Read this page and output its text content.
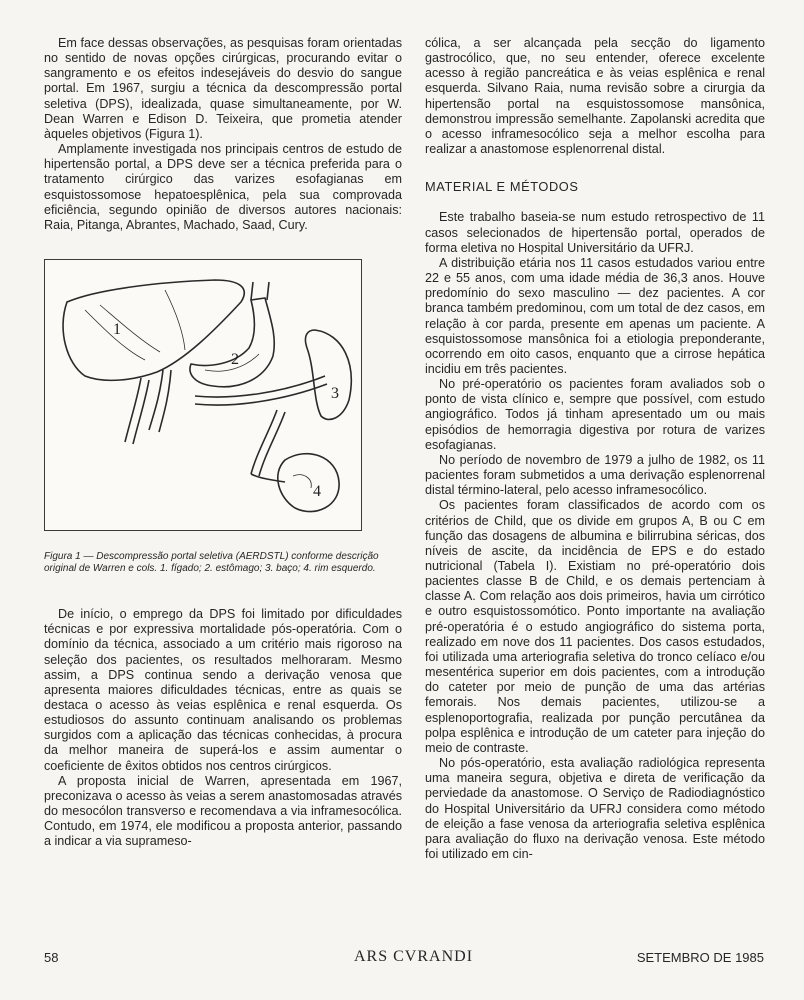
Em face dessas observações, as pesquisas foram orientadas no sentido de novas opções cirúrgicas, procurando evitar o sangramento e os efeitos indesejáveis do desvio do sangue portal. Em 1967, surgiu a técnica da descompressão portal seletiva (DPS), idealizada, quase simultaneamente, por W. Dean Warren e Edison D. Teixeira, que prometia atender àqueles objetivos (Figura 1).

Amplamente investigada nos principais centros de estudo de hipertensão portal, a DPS deve ser a técnica preferida para o tratamento cirúrgico das varizes esofagianas em esquistossomose hepatoesplênica, pela sua comprovada eficiência, segundo opinião de diversos autores nacionais: Raia, Pitanga, Abrantes, Machado, Saad, Cury.

1
2
3
4

Figura 1 — Descompressão portal seletiva (AERDSTL) conforme descrição original de Warren e cols. 1. fígado; 2. estômago; 3. baço; 4. rim esquerdo.

De início, o emprego da DPS foi limitado por dificuldades técnicas e por expressiva mortalidade pós-operatória. Com o domínio da técnica, associado a um critério mais rigoroso na seleção dos pacientes, os resultados melhoraram. Mesmo assim, a DPS continua sendo a derivação venosa que apresenta maiores dificuldades técnicas, entre as quais se destaca o acesso às veias esplênica e renal esquerda. Os estudiosos do assunto continuam analisando os problemas surgidos com a aplicação das técnicas conhecidas, à procura da melhor maneira de superá-los e assim aumentar o coeficiente de êxitos obtidos nos centros cirúrgicos.

A proposta inicial de Warren, apresentada em 1967, preconizava o acesso às veias a serem anastomosadas através do mesocólon transverso e recomendava a via inframesocólica. Contudo, em 1974, ele modificou a proposta anterior, passando a indicar a via suprameso-

cólica, a ser alcançada pela secção do ligamento gastrocólico, que, no seu entender, oferece excelente acesso à região pancreática e às veias esplênica e renal esquerda. Silvano Raia, numa revisão sobre a cirurgia da hipertensão portal na esquistossomose mansônica, demonstrou impressão semelhante. Zapolanski acredita que o acesso inframesocólico seja a melhor escolha para realizar a anastomose esplenorrenal distal.

MATERIAL E MÉTODOS

Este trabalho baseia-se num estudo retrospectivo de 11 casos selecionados de hipertensão portal, operados de forma eletiva no Hospital Universitário da UFRJ.

A distribuição etária nos 11 casos estudados variou entre 22 e 55 anos, com uma idade média de 36,3 anos. Houve predomínio do sexo masculino — dez pacientes. A cor branca também predominou, com um total de dez casos, em relação à cor parda, presente em apenas um paciente. A esquistossomose mansônica foi a etiologia preponderante, ocorrendo em oito casos, enquanto que a cirrose hepática incidiu em três pacientes.

No pré-operatório os pacientes foram avaliados sob o ponto de vista clínico e, sempre que possível, com estudo angiográfico. Todos já tinham apresentado um ou mais episódios de hemorragia digestiva por rotura de varizes esofagianas.

No período de novembro de 1979 a julho de 1982, os 11 pacientes foram submetidos a uma derivação esplenorrenal distal término-lateral, pelo acesso inframesocólico.

Os pacientes foram classificados de acordo com os critérios de Child, que os divide em grupos A, B ou C em função das dosagens de albumina e bilirrubina séricas, dos níveis de ascite, da incidência de EPS e do estado nutricional (Tabela I). Existiam no pré-operatório dois pacientes classe B de Child, e os demais pertenciam à classe A. Com relação aos dois primeiros, havia um cirrótico e outro esquistossomótico. Ponto importante na avaliação pré-operatória é o estudo angiográfico do sistema porta, realizado em nove dos 11 pacientes. Dos casos estudados, foi utilizada uma arteriografia seletiva do tronco celíaco e/ou mesentérica superior em dois pacientes, com a introdução do cateter por meio de punção de uma das artérias femorais. Nos demais pacientes, utilizou-se a esplenoportografia, realizada por punção percutânea da polpa esplênica e introdução de um cateter para injeção do meio de contraste.

No pós-operatório, esta avaliação radiológica representa uma maneira segura, objetiva e direta de verificação da perviedade da anastomose. O Serviço de Radiodiagnóstico do Hospital Universitário da UFRJ considera como método de eleição a fase venosa da arteriografia seletiva esplênica para avaliação do fluxo na derivação venosa. Este método foi utilizado em cin-

58	ARS CVRANDI	SETEMBRO DE 1985
